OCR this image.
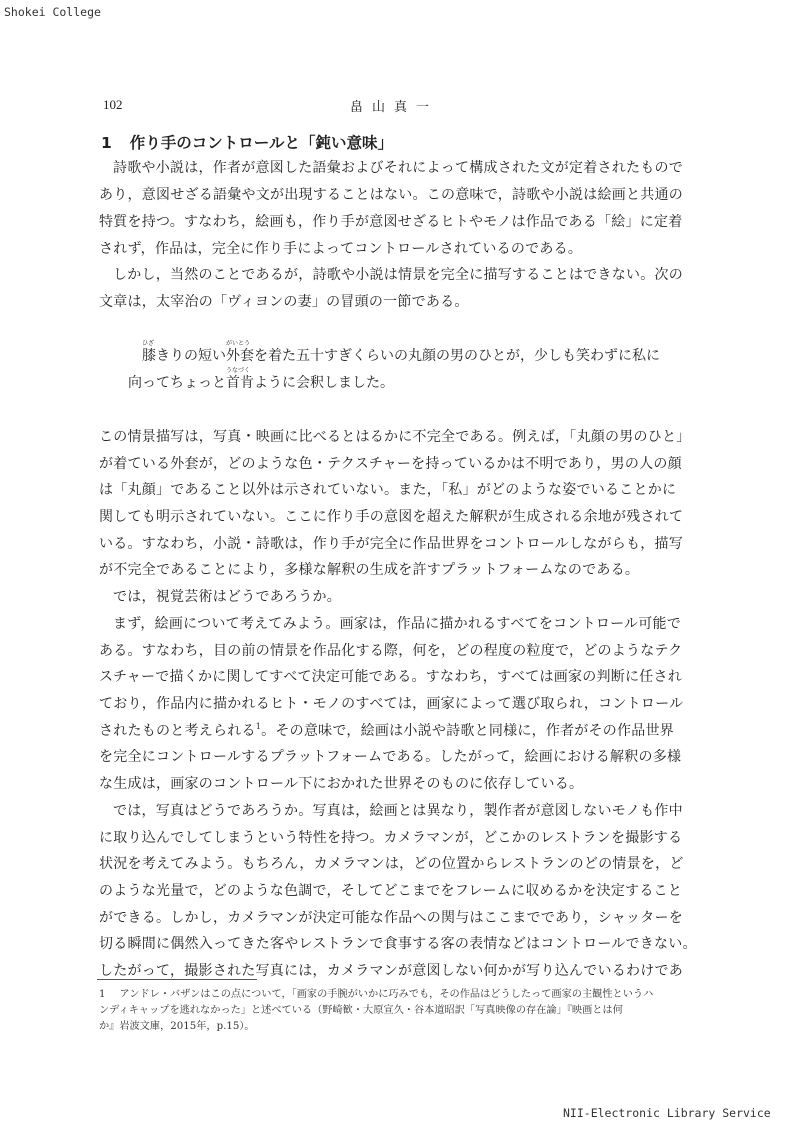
Shokei College
102	畠山真一
1 作り手のコントロールと「鈍い意味」
詩歌や小説は，作者が意図した語彙およびそれによって構成された文が定着されたもので
あり，意図せざる語彙や文が出現することはない。この意味で，詩歌や小説は絵画と共通の
特質を持つ。すなわち，絵画も，作り手が意図せざるヒトやモノは作品である「絵」に定着
されず，作品は，完全に作り手によってコントロールされているのである。
しかし，当然のことであるが，詩歌や小説は情景を完全に描写することはできない。次の
文章は，太宰治の「ヴィヨンの妻」の冒頭の一節である。
ひざ
膝きりの短い
がいとう
外套を着た五十すぎくらいの丸顔の男のひとが，少しも笑わずに私に
向ってちょっと
うなづく
首肯ように会釈しました。
この情景描写は，写真・映画に比べるとはるかに不完全である。例えば，「丸顔の男のひと」
が着ている外套が，どのような色・テクスチャーを持っているかは不明であり，男の人の顔
は「丸顔」であること以外は示されていない。また，「私」がどのような姿でいることかに
関しても明示されていない。ここに作り手の意図を超えた解釈が生成される余地が残されて
いる。すなわち，小説・詩歌は，作り手が完全に作品世界をコントロールしながらも，描写
が不完全であることにより，多様な解釈の生成を許すプラットフォームなのである。
では，視覚芸術はどうであろうか。
まず，絵画について考えてみよう。画家は，作品に描かれるすべてをコントロール可能で
ある。すなわち，目の前の情景を作品化する際，何を，どの程度の粒度で，どのようなテク
スチャーで描くかに関してすべて決定可能である。すなわち，すべては画家の判断に任され
ており，作品内に描かれるヒト・モノのすべては，画家によって選び取られ，コントロール
されたものと考えられる$^1$。その意味で，絵画は小説や詩歌と同様に，作者がその作品世界
を完全にコントロールするプラットフォームである。したがって，絵画における解釈の多様
な生成は，画家のコントロール下におかれた世界そのものに依存している。
では，写真はどうであろうか。写真は，絵画とは異なり，製作者が意図しないモノも作中
に取り込んでしてしまうという特性を持つ。カメラマンが，どこかのレストランを撮影する
状況を考えてみよう。もちろん，カメラマンは，どの位置からレストランのどの情景を，ど
のような光量で，どのような色調で，そしてどこまでをフレームに収めるかを決定すること
ができる。しかし，カメラマンが決定可能な作品への関与はここまでであり，シャッターを
切る瞬間に偶然入ってきた客やレストランで食事する客の表情などはコントロールできない。
したがって，撮影された写真には，カメラマンが意図しない何かが写り込んでいるわけであ
1 アンドレ・バザンはこの点について，「画家の手腕がいかに巧みでも，その作品はどうしたって画家の主観性というハ
ンディキャップを逃れなかった」と述べている（野崎歓・大原宣久・谷本道昭訳「写真映像の存在論」『映画とは何
か』岩波文庫，2015年，p.15）。
NII-Electronic Library Service
